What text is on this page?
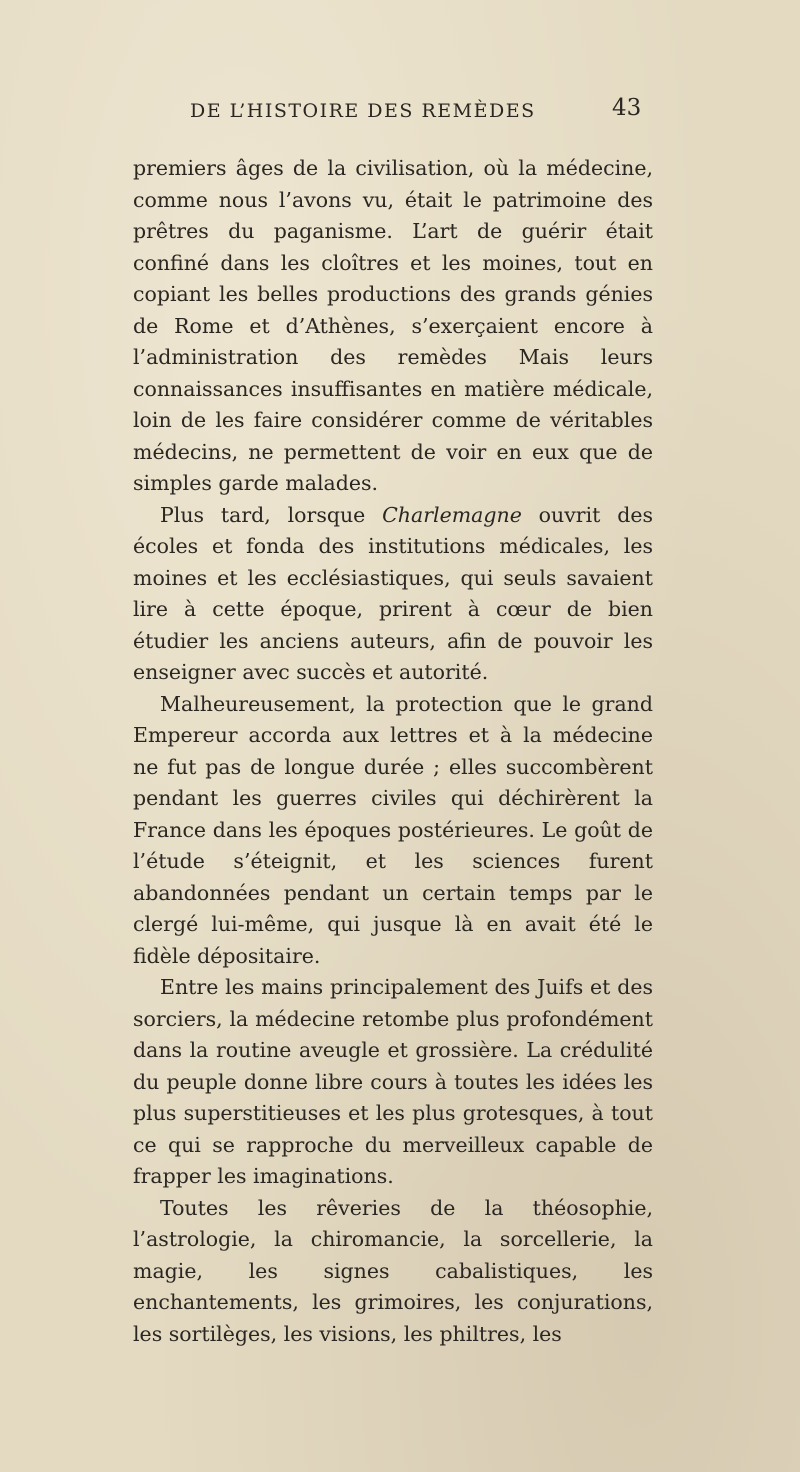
DE L’HISTOIRE DES REMÈDES	43

premiers âges de la civilisation, où la médecine, comme nous l’avons vu, était le patrimoine des prêtres du paganisme. L’art de guérir était confiné dans les cloîtres et les moines, tout en copiant les belles productions des grands génies de Rome et d’Athènes, s’exerçaient encore à l’administration des remèdes Mais leurs connaissances insuffisantes en matière médicale, loin de les faire considérer comme de véritables médecins, ne permettent de voir en eux que de simples garde malades.

Plus tard, lorsque Charlemagne ouvrit des écoles et fonda des institutions médicales, les moines et les ecclésiastiques, qui seuls savaient lire à cette époque, prirent à cœur de bien étudier les anciens auteurs, afin de pouvoir les enseigner avec succès et autorité.

Malheureusement, la protection que le grand Empereur accorda aux lettres et à la médecine ne fut pas de longue durée ; elles succombèrent pendant les guerres civiles qui déchirèrent la France dans les époques postérieures. Le goût de l’étude s’éteignit, et les sciences furent abandonnées pendant un certain temps par le clergé lui-même, qui jusque là en avait été le fidèle dépositaire.

Entre les mains principalement des Juifs et des sorciers, la médecine retombe plus profondément dans la routine aveugle et grossière. La crédulité du peuple donne libre cours à toutes les idées les plus superstitieuses et les plus grotesques, à tout ce qui se rapproche du merveilleux capable de frapper les imaginations.

Toutes les rêveries de la théosophie, l’astrologie, la chiromancie, la sorcellerie, la magie, les signes cabalistiques, les enchantements, les grimoires, les conjurations, les sortilèges, les visions, les philtres, les
